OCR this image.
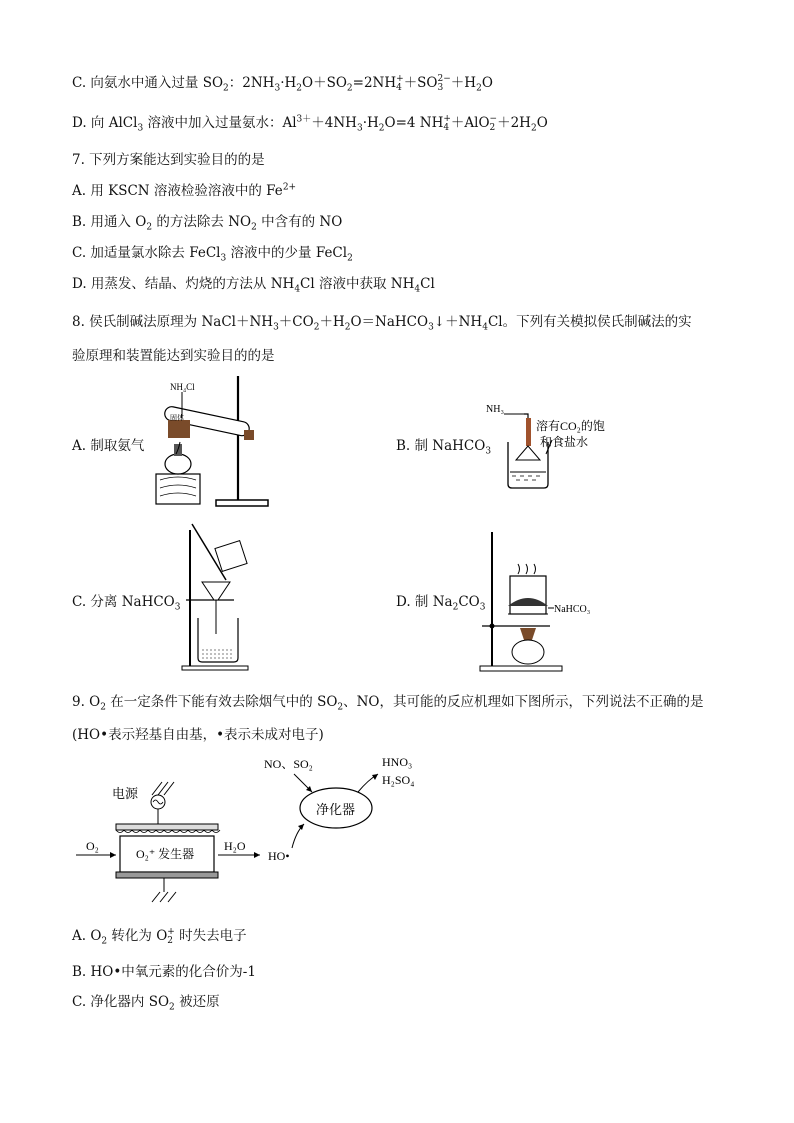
C. 向氨水中通入过量 $SO_2$：$2NH_3\cdot H_2O+SO_2=2NH$ +
4 ＋SO 2−
$3 +H_2O$
D. 向 AlCl$_3$ 溶液中加入过量氨水：$Al^{3+}+4NH_3\cdot H_2O=4$ NH +
4 ＋AlO −
$2 +2H_2O$
7. 下列方案能达到实验目的的是
A. 用 KSCN 溶液检验溶液中的 $Fe^{2+}$
B. 用通入 $O_2$ 的方法除去 $NO_2$ 中含有的 NO
C. 加适量氯水除去 FeCl$_3$ 溶液中的少量 FeCl$_2$
D. 用蒸发、结晶、灼烧的方法从 $NH_4Cl$ 溶液中获取 $NH_4Cl$
8. 侯氏制碱法原理为 $NaCl+NH_3+CO_2+H_2O=NaHCO_3↓+NH_4Cl$。下列有关模拟侯氏制碱法的实
验原理和装置能达到实验目的的是
A. 制取氨气	B. 制 NaHCO$_3$
C. 分离 NaHCO$_3$	D. 制 $Na_2CO_3$
NH₄Cl
固体
NH₃
溶有CO₂的饱
和食盐水
NaHCO₃
9. $O_2$ 在一定条件下能有效去除烟气中的 $SO_2$、NO，其可能的反应机理如下图所示，下列说法不正确的是
(HO•表示羟基自由基，•表示未成对电子)
电源
O₂⁺ 发生器
O₂	H₂O
HO•
净化器
NO、SO₂	HNO₃
H₂SO₄
A. $O_2$ 转化为 O +
2 时失去电子
B. HO•中氧元素的化合价为-1
C. 净化器内 $SO_2$ 被还原
